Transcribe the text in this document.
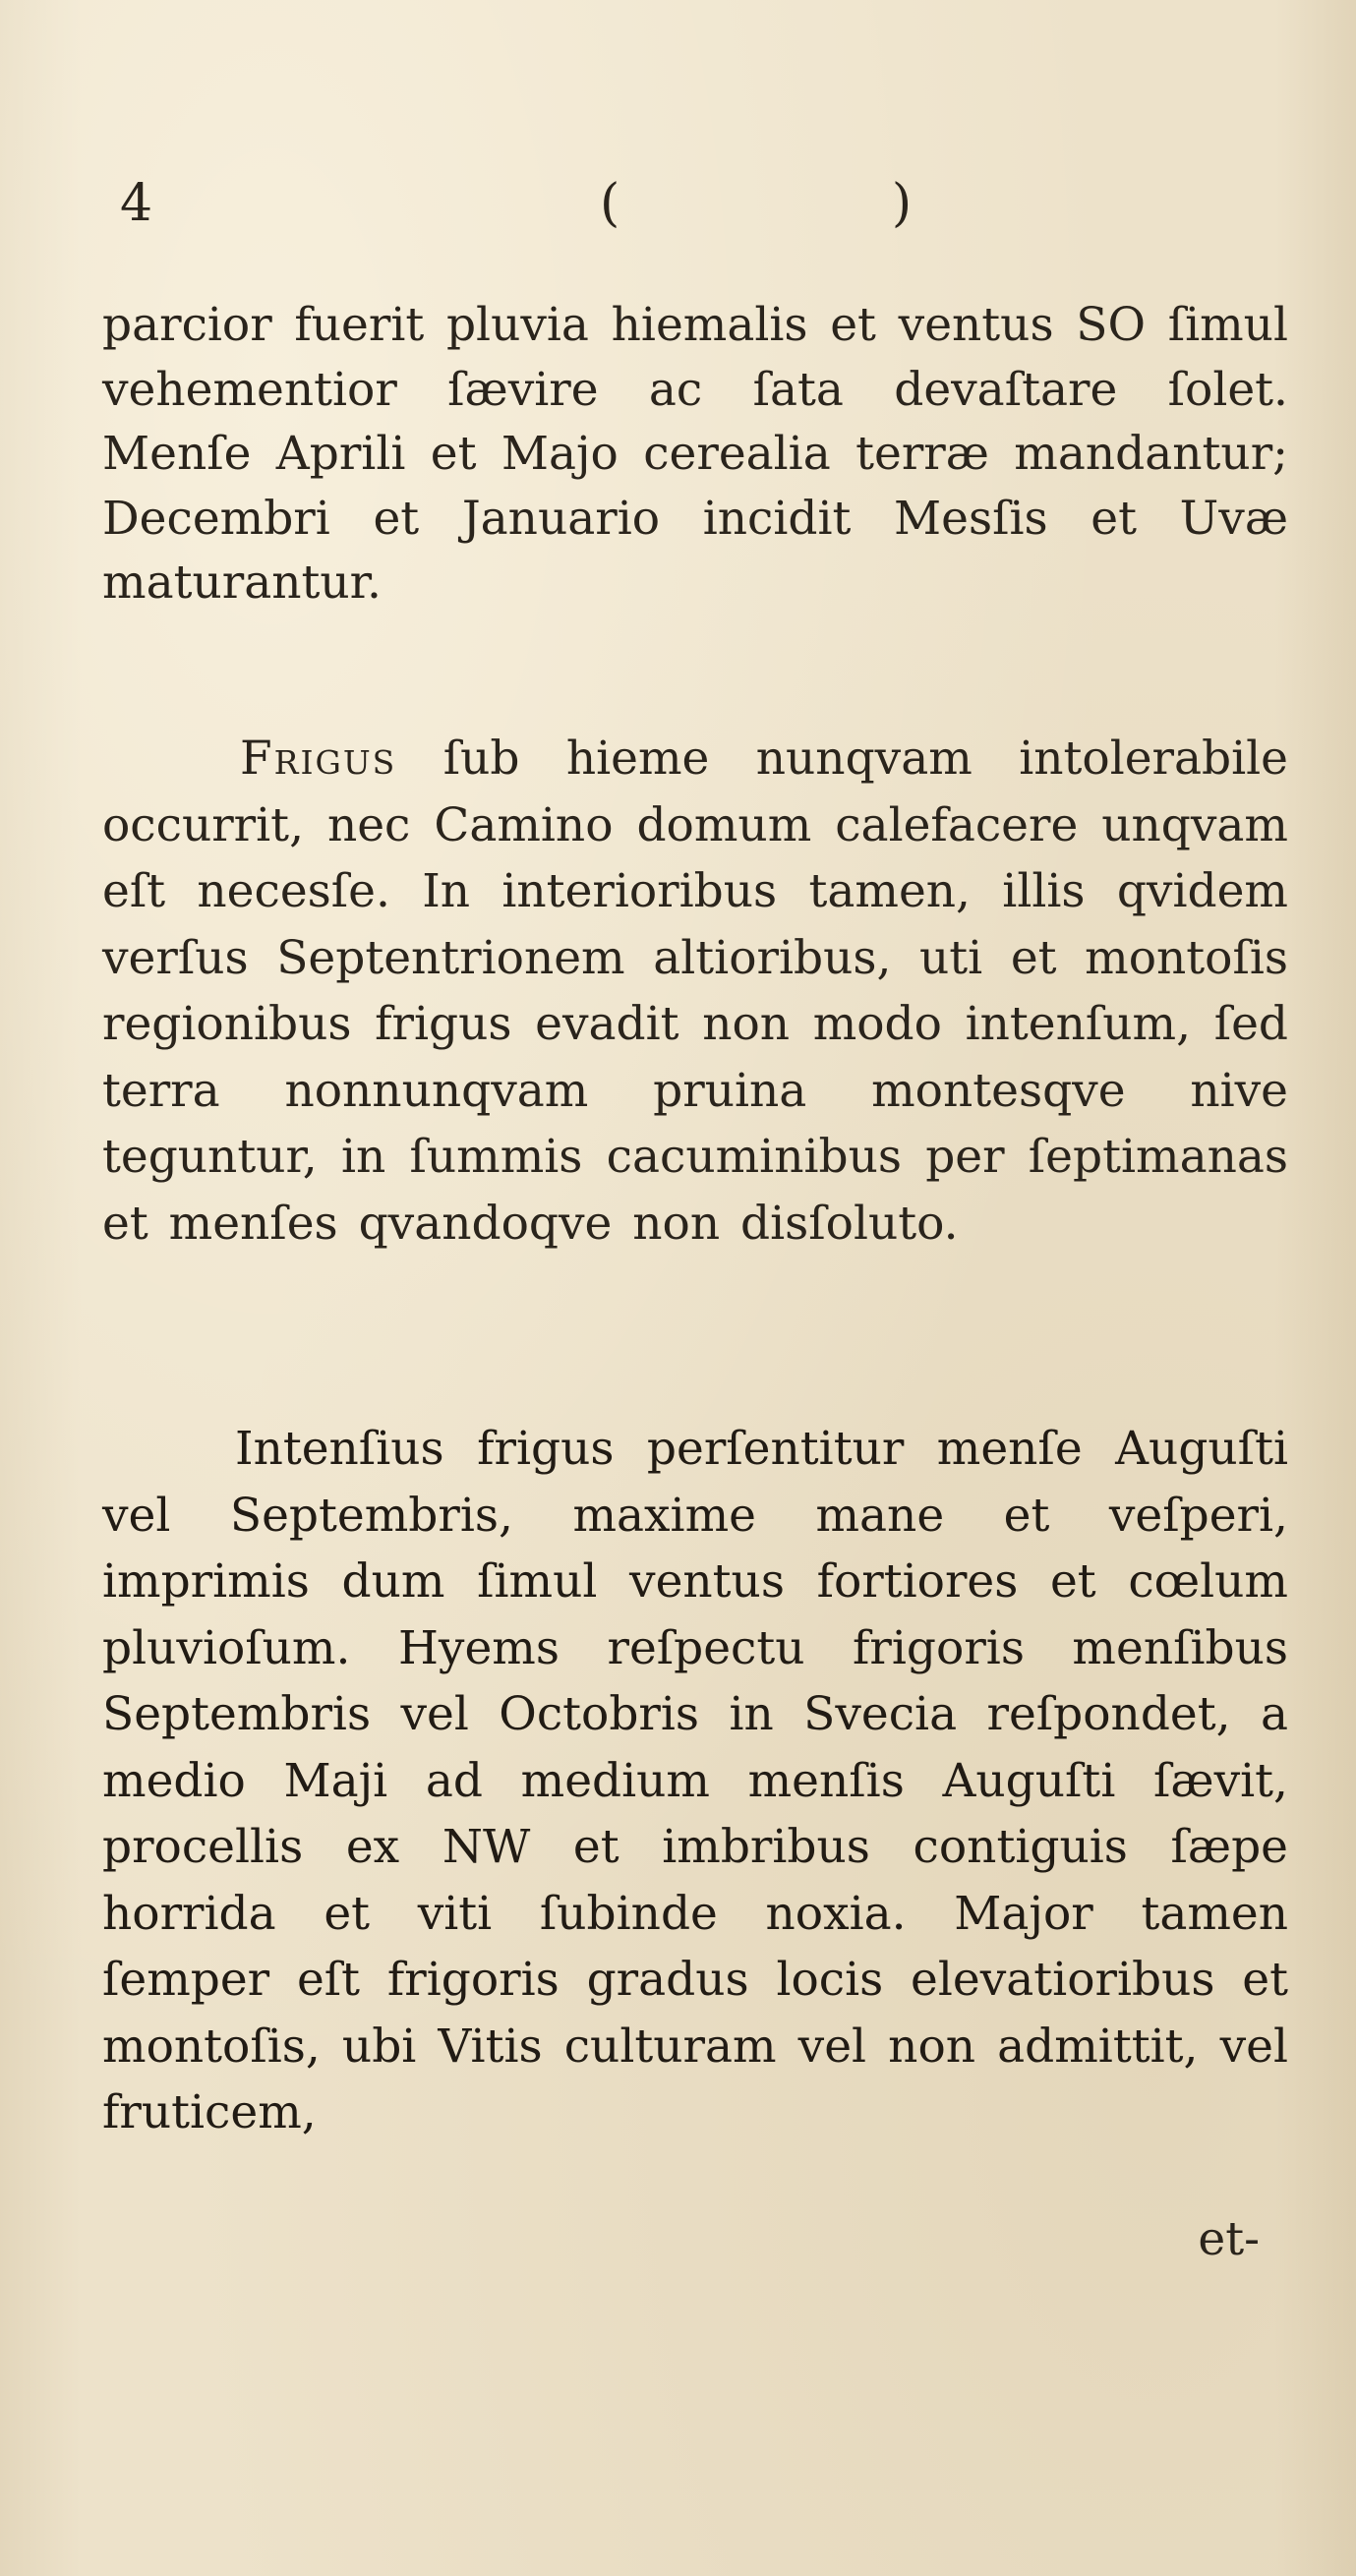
4	( )

parcior fuerit pluvia hiemalis et ventus SO ſimul vehementior ſævire ac ſata devaſtare ſolet. Menſe Aprili et Majo cerealia terræ mandantur; Decembri et Januario incidit Mesſis et Uvæ maturantur.

Frigus ſub hieme nunqvam intolerabile occurrit, nec Camino domum calefacere unqvam eſt necesſe. In interioribus tamen, illis qvidem verſus Septentrionem altioribus, uti et montoſis regionibus frigus evadit non modo intenſum, ſed terra nonnunqvam pruina montesqve nive teguntur, in ſummis cacuminibus per ſeptimanas et menſes qvandoqve non disſoluto.

Intenſius frigus perſentitur menſe Auguſti vel Septembris, maxime mane et veſperi, imprimis dum ſimul ventus fortiores et cœlum pluvioſum. Hyems reſpectu frigoris menſibus Septembris vel Octobris in Svecia reſpondet, a medio Maji ad medium menſis Auguſti ſævit, procellis ex NW et imbribus contiguis ſæpe horrida et viti ſubinde noxia. Major tamen ſemper eſt frigoris gradus locis elevatioribus et montoſis, ubi Vitis culturam vel non admittit, vel fruticem,

et-
